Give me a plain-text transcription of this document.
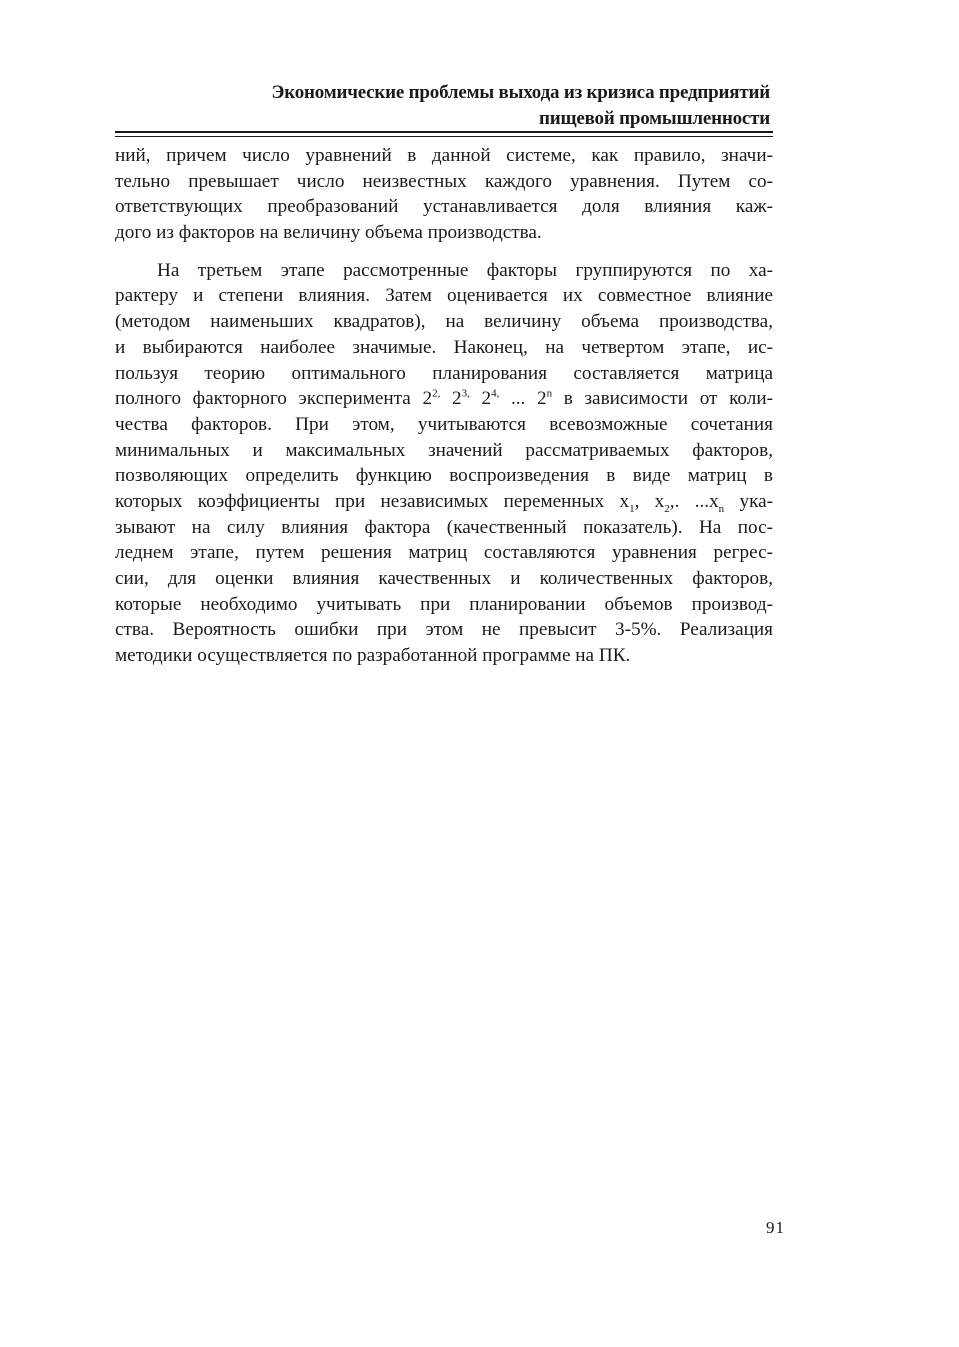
Экономические проблемы выхода из кризиса предприятий
пищевой промышленности
ний, причем число уравнений в данной системе, как правило, значи-
тельно превышает число неизвестных каждого уравнения. Путем со-
ответствующих преобразований устанавливается доля влияния каж-
дого из факторов на величину объема производства.
На третьем этапе рассмотренные факторы группируются по ха-
рактеру и степени влияния. Затем оценивается их совместное влияние
(методом наименьших квадратов), на величину объема производства,
и выбираются наиболее значимые. Наконец, на четвертом этапе, ис-
пользуя теорию оптимального планирования составляется матрица
полного факторного эксперимента $2^{2,}$ $2^{3,}$ $2^{4,}$ ... 2$^n$ в зависимости от коли-
чества факторов. При этом, учитываются всевозможные сочетания
минимальных и максимальных значений рассматриваемых факторов,
позволяющих определить функцию воспроизведения в виде матриц в
которых коэффициенты при независимых переменных $x_1$, $x_2$,. $...x_n$ ука-
зывают на силу влияния фактора (качественный показатель). На пос-
леднем этапе, путем решения матриц составляются уравнения регрес-
сии, для оценки влияния качественных и количественных факторов,
которые необходимо учитывать при планировании объемов производ-
ства. Вероятность ошибки при этом не превысит 3-5%. Реализация
методики осуществляется по разработанной программе на ПК.
91
